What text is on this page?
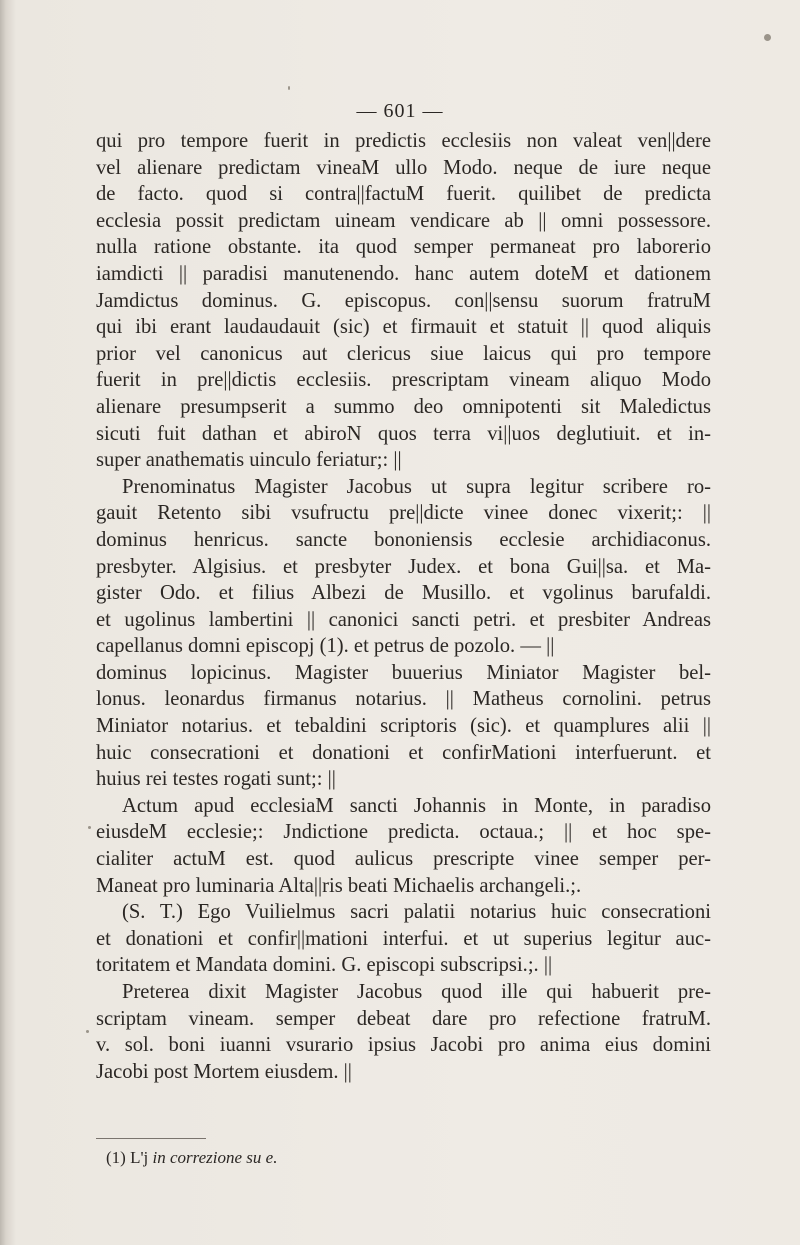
— 601 —
qui pro tempore fuerit in predictis ecclesiis non valeat ven||dere
vel alienare predictam vineaM ullo Modo. neque de iure neque
de facto. quod si contra||factuM fuerit. quilibet de predicta
ecclesia possit predictam uineam vendicare ab || omni possessore.
nulla ratione obstante. ita quod semper permaneat pro laborerio
iamdicti || paradisi manutenendo. hanc autem doteM et dationem
Jamdictus dominus. G. episcopus. con||sensu suorum fratruM
qui ibi erant laudaudauit (sic) et firmauit et statuit || quod aliquis
prior vel canonicus aut clericus siue laicus qui pro tempore
fuerit in pre||dictis ecclesiis. prescriptam vineam aliquo Modo
alienare presumpserit a summo deo omnipotenti sit Maledictus
sicuti fuit dathan et abiroN quos terra vi||uos deglutiuit. et in-
super anathematis uinculo feriatur;: ||
Prenominatus Magister Jacobus ut supra legitur scribere ro-
gauit Retento sibi vsufructu pre||dicte vinee donec vixerit;: ||
dominus henricus. sancte bononiensis ecclesie archidiaconus.
presbyter. Algisius. et presbyter Judex. et bona Gui||sa. et Ma-
gister Odo. et filius Albezi de Musillo. et vgolinus barufaldi.
et ugolinus lambertini || canonici sancti petri. et presbiter Andreas
capellanus domni episcopj (1). et petrus de pozolo. — ||
dominus lopicinus. Magister buuerius Miniator Magister bel-
lonus. leonardus firmanus notarius. || Matheus cornolini. petrus
Miniator notarius. et tebaldini scriptoris (sic). et quamplures alii ||
huic consecrationi et donationi et confirMationi interfuerunt. et
huius rei testes rogati sunt;: ||
Actum apud ecclesiaM sancti Johannis in Monte, in paradiso
eiusdeM ecclesie;: Jndictione predicta. octaua.; || et hoc spe-
cialiter actuM est. quod aulicus prescripte vinee semper per-
Maneat pro luminaria Alta||ris beati Michaelis archangeli.;.
(S. T.) Ego Vuilielmus sacri palatii notarius huic consecrationi
et donationi et confir||mationi interfui. et ut superius legitur auc-
toritatem et Mandata domini. G. episcopi subscripsi.;. ||
Preterea dixit Magister Jacobus quod ille qui habuerit pre-
scriptam vineam. semper debeat dare pro refectione fratruM.
v. sol. boni iuanni vsurario ipsius Jacobi pro anima eius domini
Jacobi post Mortem eiusdem. ||
(1) L'j in correzione su e.
